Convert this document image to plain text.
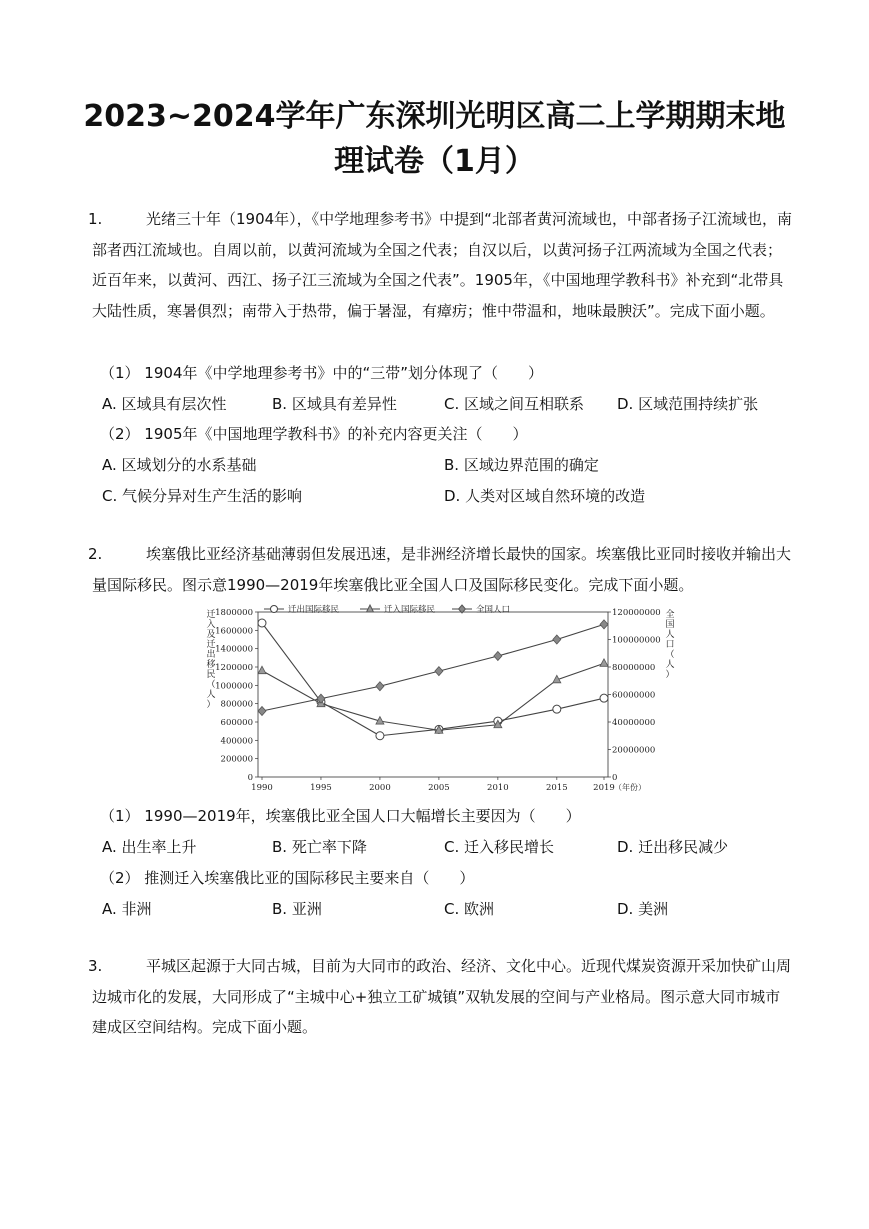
2023~2024学年广东深圳光明区高二上学期期末地
理试卷（1月）
1.	光绪三十年（1904年），《中学地理参考书》中提到“北部者黄河流域也，中部者扬子江流域也，南部者西江流域也。自周以前，以黄河流域为全国之代表；自汉以后，以黄河扬子江两流域为全国之代表；近百年来，以黄河、西江、扬子江三流域为全国之代表”。1905年，《中国地理学教科书》补充到“北带具大陆性质，寒暑俱烈；南带入于热带，偏于暑湿，有瘴疠；惟中带温和，地味最腴沃”。完成下面小题。
（1） 1904年《中学地理参考书》中的“三带”划分体现了（　　）
A. 区域具有层次性	B. 区域具有差异性	C. 区域之间互相联系 D. 区域范围持续扩张
（2） 1905年《中国地理学教科书》的补充内容更关注（　　）
A. 区域划分的水系基础	B. 区域边界范围的确定
C. 气候分异对生产生活的影响	D. 人类对区域自然环境的改造
2.	埃塞俄比亚经济基础薄弱但发展迅速，是非洲经济增长最快的国家。埃塞俄比亚同时接收并输出大量国际移民。图示意1990—2019年埃塞俄比亚全国人口及国际移民变化。完成下面小题。
0
200000
400000
600000
800000
1000000
1200000
1400000
1600000
1800000
0
20000000
40000000
60000000
80000000
100000000
120000000
1990	1995	2000	2005	2010	2015	2019 （年份）
迁
入
及
迁
出
移
民
（
人
）
全
国
人
口
（
人
）
迁出国际移民	迁入国际移民	全国人口
（1） 1990—2019年，埃塞俄比亚全国人口大幅增长主要因为（　　）
A. 出生率上升	B. 死亡率下降	C. 迁入移民增长	D. 迁出移民减少
（2） 推测迁入埃塞俄比亚的国际移民主要来自（　　）
A. 非洲	B. 亚洲	C. 欧洲	D. 美洲
3.	平城区起源于大同古城，目前为大同市的政治、经济、文化中心。近现代煤炭资源开采加快矿山周边城市化的发展，大同形成了“主城中心+独立工矿城镇”双轨发展的空间与产业格局。图示意大同市城市建成区空间结构。完成下面小题。
